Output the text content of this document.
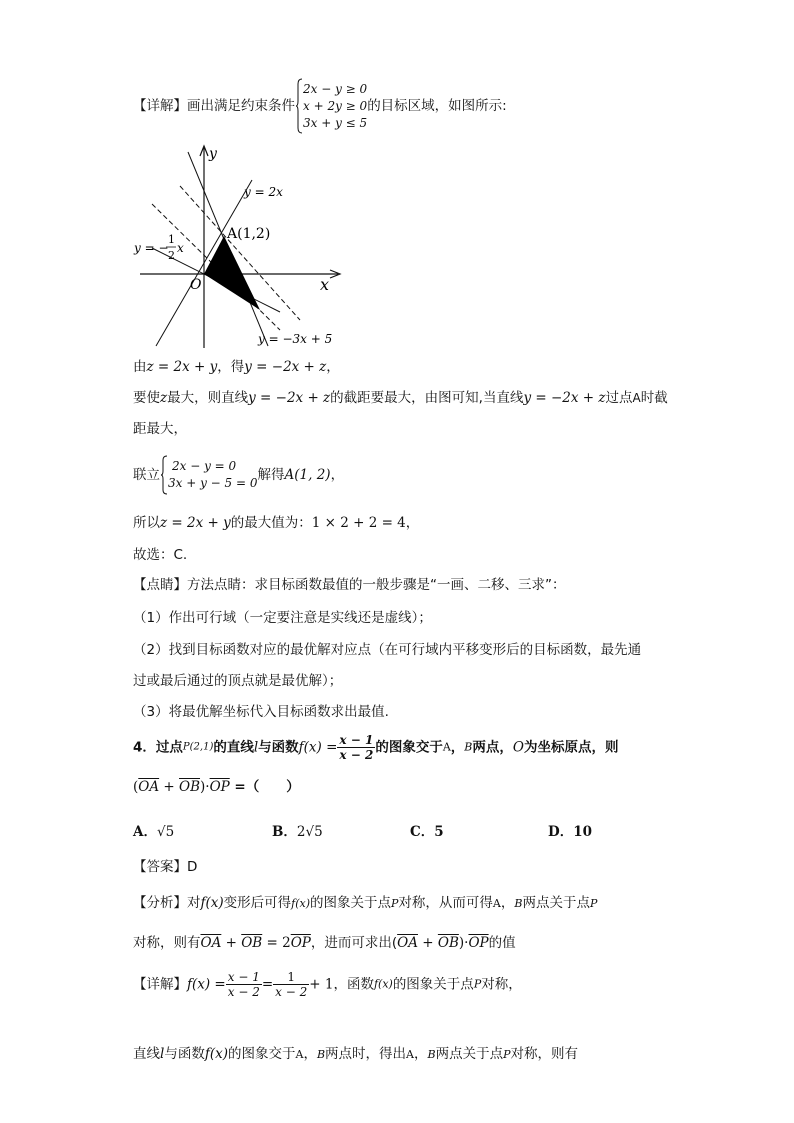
【详解】画出满足约束条件
2x − y ≥ 0
x + 2y ≥ 0
3x + y ≤ 5
的目标区域，如图所示:
y
x
O
A(1,2)
y = 2x
y = −
1
2
x
y = −3x + 5
由z = 2x + y，得y = −2x + z，
要使z最大，则直线y = −2x + z的截距要最大，由图可知,当直线y = −2x + z过点A时截
距最大，
联立
2x − y = 0
3x + y − 5 = 0 解得A(1, 2)，
所以z = 2x + y的最大值为：1 × 2 + 2 = 4，
故选：C.
【点睛】方法点睛：求目标函数最值的一般步骤是“一画、二移、三求”：
（1）作出可行域（一定要注意是实线还是虚线）；
（2）找到目标函数对应的最优解对应点（在可行域内平移变形后的目标函数，最先通
过或最后通过的顶点就是最优解）；
（3）将最优解坐标代入目标函数求出最值.
4．过点P(2,1)的直线l与函数$f(x) = \frac{x - 1}{x - 2}$ 的图象交于A，B两点，O为坐标原点，则
$(\overline{OA} + \overline{OB})\cdot\overline{OP}$ =（　　）
A．√5	B．2√5	C．5	D．10
【答案】D
【分析】对f(x)变形后可得f(x)的图象关于点P对称，从而可得A，B两点关于点P
对称，则有$\overline{OA} + \overline{OB} = 2\overline{OP}$，进而可求出$(\overline{OA} + \overline{OB})\cdot\overline{OP}$的值
【详解】$f(x) = \frac{x - 1}{x - 2} = \frac{1}{x - 2} + 1$，函数f(x)的图象关于点P对称，
直线l与函数f(x)的图象交于A，B两点时，得出A，B两点关于点P对称，则有
